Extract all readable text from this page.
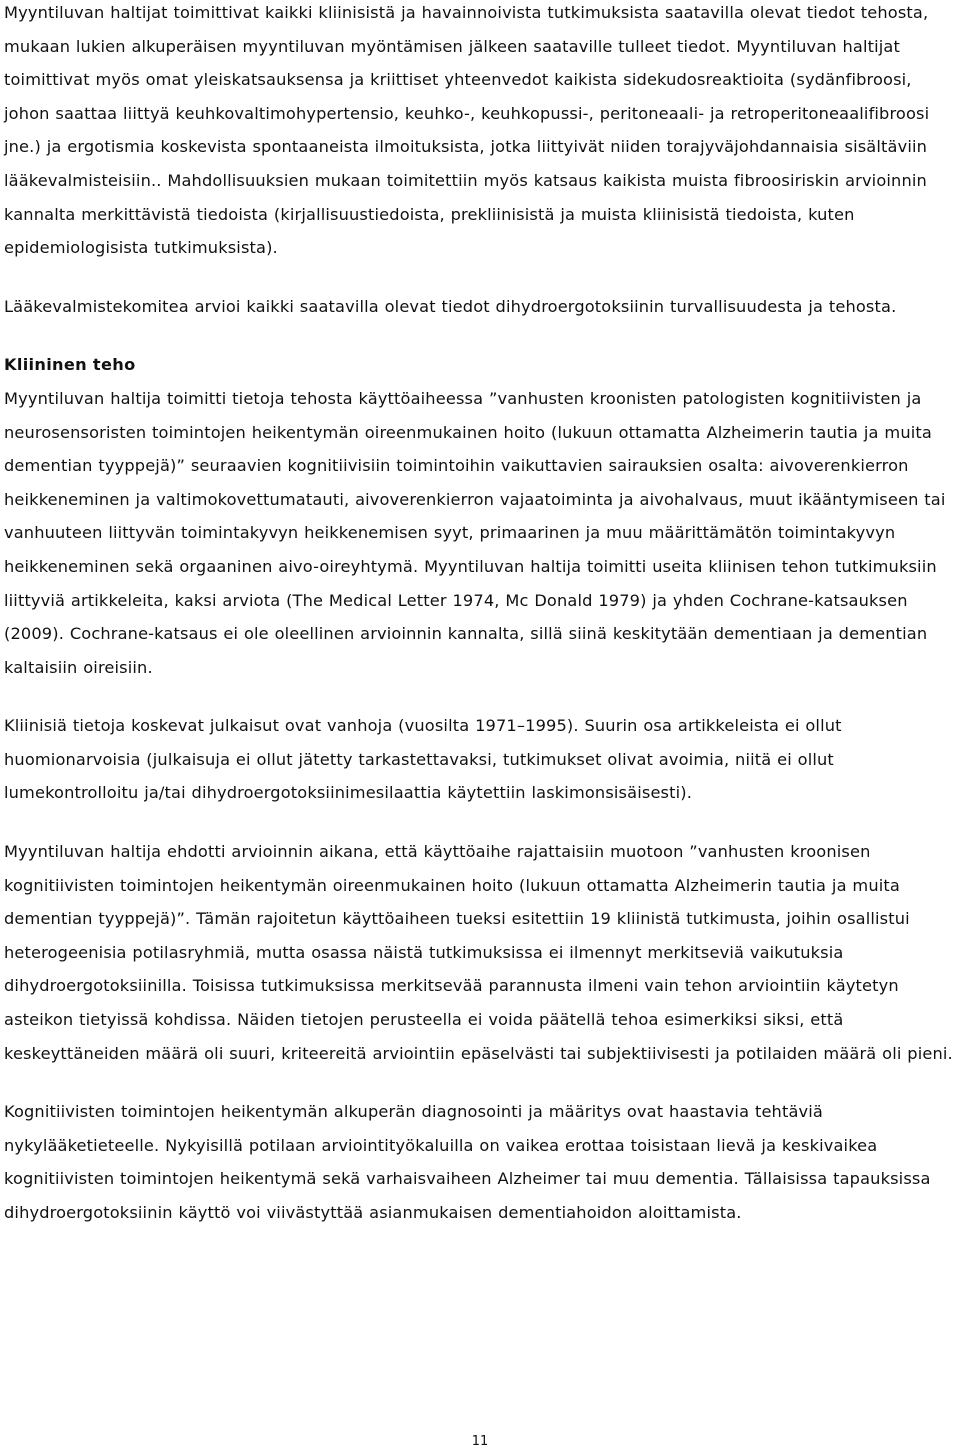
Myyntiluvan haltijat toimittivat kaikki kliinisistä ja havainnoivista tutkimuksista saatavilla olevat tiedot tehosta, mukaan lukien alkuperäisen myyntiluvan myöntämisen jälkeen saataville tulleet tiedot. Myyntiluvan haltijat toimittivat myös omat yleiskatsauksensa ja kriittiset yhteenvedot kaikista sidekudosreaktioita (sydänfibroosi, johon saattaa liittyä keuhkovaltimohypertensio, keuhko-, keuhkopussi-, peritoneaali- ja retroperitoneaalifibroosi jne.) ja ergotismia koskevista spontaaneista ilmoituksista, jotka liittyivät niiden torajyväjohdannaisia sisältäviin lääkevalmisteisiin.. Mahdollisuuksien mukaan toimitettiin myös katsaus kaikista muista fibroosiriskin arvioinnin kannalta merkittävistä tiedoista (kirjallisuustiedoista, prekliinisistä ja muista kliinisistä tiedoista, kuten epidemiologisista tutkimuksista).

Lääkevalmistekomitea arvioi kaikki saatavilla olevat tiedot dihydroergotoksiinin turvallisuudesta ja tehosta.

Kliininen teho

Myyntiluvan haltija toimitti tietoja tehosta käyttöaiheessa ”vanhusten kroonisten patologisten kognitiivisten ja neurosensoristen toimintojen heikentymän oireenmukainen hoito (lukuun ottamatta Alzheimerin tautia ja muita dementian tyyppejä)” seuraavien kognitiivisiin toimintoihin vaikuttavien sairauksien osalta: aivoverenkierron heikkeneminen ja valtimokovettumatauti, aivoverenkierron vajaatoiminta ja aivohalvaus, muut ikääntymiseen tai vanhuuteen liittyvän toimintakyvyn heikkenemisen syyt, primaarinen ja muu määrittämätön toimintakyvyn heikkeneminen sekä orgaaninen aivo-oireyhtymä. Myyntiluvan haltija toimitti useita kliinisen tehon tutkimuksiin liittyviä artikkeleita, kaksi arviota (The Medical Letter 1974, Mc Donald 1979) ja yhden Cochrane-katsauksen (2009). Cochrane-katsaus ei ole oleellinen arvioinnin kannalta, sillä siinä keskitytään dementiaan ja dementian kaltaisiin oireisiin.

Kliinisiä tietoja koskevat julkaisut ovat vanhoja (vuosilta 1971–1995). Suurin osa artikkeleista ei ollut huomionarvoisia (julkaisuja ei ollut jätetty tarkastettavaksi, tutkimukset olivat avoimia, niitä ei ollut lumekontrolloitu ja/tai dihydroergotoksiinimesilaattia käytettiin laskimonsisäisesti).

Myyntiluvan haltija ehdotti arvioinnin aikana, että käyttöaihe rajattaisiin muotoon ”vanhusten kroonisen kognitiivisten toimintojen heikentymän oireenmukainen hoito (lukuun ottamatta Alzheimerin tautia ja muita dementian tyyppejä)”. Tämän rajoitetun käyttöaiheen tueksi esitettiin 19 kliinistä tutkimusta, joihin osallistui heterogeenisia potilasryhmiä, mutta osassa näistä tutkimuksissa ei ilmennyt merkitseviä vaikutuksia dihydroergotoksiinilla. Toisissa tutkimuksissa merkitsevää parannusta ilmeni vain tehon arviointiin käytetyn asteikon tietyissä kohdissa. Näiden tietojen perusteella ei voida päätellä tehoa esimerkiksi siksi, että keskeyttäneiden määrä oli suuri, kriteereitä arviointiin epäselvästi tai subjektiivisesti ja potilaiden määrä oli pieni.

Kognitiivisten toimintojen heikentymän alkuperän diagnosointi ja määritys ovat haastavia tehtäviä nykylääketieteelle. Nykyisillä potilaan arviointityökaluilla on vaikea erottaa toisistaan lievä ja keskivaikea kognitiivisten toimintojen heikentymä sekä varhaisvaiheen Alzheimer tai muu dementia. Tällaisissa tapauksissa dihydroergotoksiinin käyttö voi viivästyttää asianmukaisen dementiahoidon aloittamista.

11
